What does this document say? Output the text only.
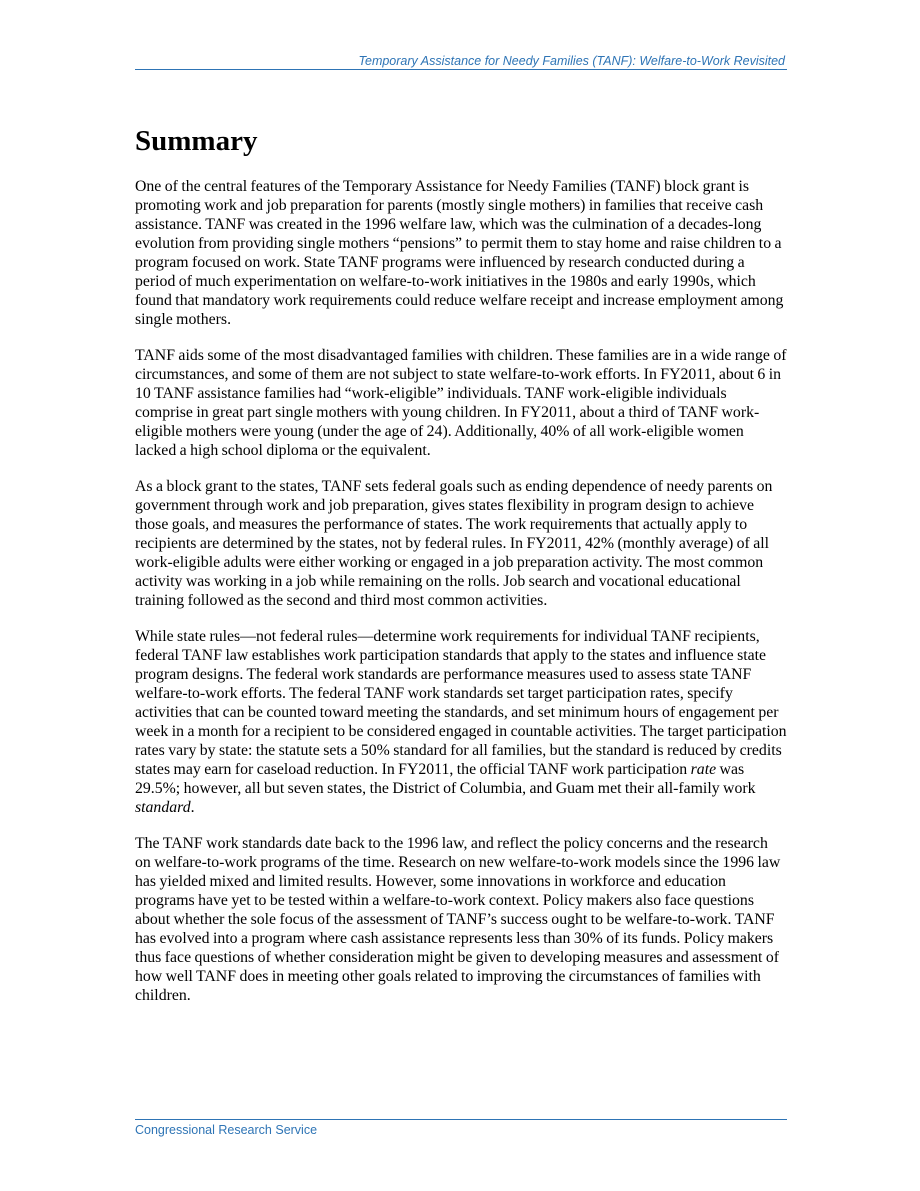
Temporary Assistance for Needy Families (TANF): Welfare-to-Work Revisited
Summary

One of the central features of the Temporary Assistance for Needy Families (TANF) block grant is promoting work and job preparation for parents (mostly single mothers) in families that receive cash assistance. TANF was created in the 1996 welfare law, which was the culmination of a decades-long evolution from providing single mothers “pensions” to permit them to stay home and raise children to a program focused on work. State TANF programs were influenced by research conducted during a period of much experimentation on welfare-to-work initiatives in the 1980s and early 1990s, which found that mandatory work requirements could reduce welfare receipt and increase employment among single mothers.

TANF aids some of the most disadvantaged families with children. These families are in a wide range of circumstances, and some of them are not subject to state welfare-to-work efforts. In FY2011, about 6 in 10 TANF assistance families had “work-eligible” individuals. TANF work-eligible individuals comprise in great part single mothers with young children. In FY2011, about a third of TANF work-eligible mothers were young (under the age of 24). Additionally, 40% of all work-eligible women lacked a high school diploma or the equivalent.

As a block grant to the states, TANF sets federal goals such as ending dependence of needy parents on government through work and job preparation, gives states flexibility in program design to achieve those goals, and measures the performance of states. The work requirements that actually apply to recipients are determined by the states, not by federal rules. In FY2011, 42% (monthly average) of all work-eligible adults were either working or engaged in a job preparation activity. The most common activity was working in a job while remaining on the rolls. Job search and vocational educational training followed as the second and third most common activities.

While state rules—not federal rules—determine work requirements for individual TANF recipients, federal TANF law establishes work participation standards that apply to the states and influence state program designs. The federal work standards are performance measures used to assess state TANF welfare-to-work efforts. The federal TANF work standards set target participation rates, specify activities that can be counted toward meeting the standards, and set minimum hours of engagement per week in a month for a recipient to be considered engaged in countable activities. The target participation rates vary by state: the statute sets a 50% standard for all families, but the standard is reduced by credits states may earn for caseload reduction. In FY2011, the official TANF work participation rate was 29.5%; however, all but seven states, the District of Columbia, and Guam met their all-family work standard.

The TANF work standards date back to the 1996 law, and reflect the policy concerns and the research on welfare-to-work programs of the time. Research on new welfare-to-work models since the 1996 law has yielded mixed and limited results. However, some innovations in workforce and education programs have yet to be tested within a welfare-to-work context. Policy makers also face questions about whether the sole focus of the assessment of TANF’s success ought to be welfare-to-work. TANF has evolved into a program where cash assistance represents less than 30% of its funds. Policy makers thus face questions of whether consideration might be given to developing measures and assessment of how well TANF does in meeting other goals related to improving the circumstances of families with children.

Congressional Research Service
